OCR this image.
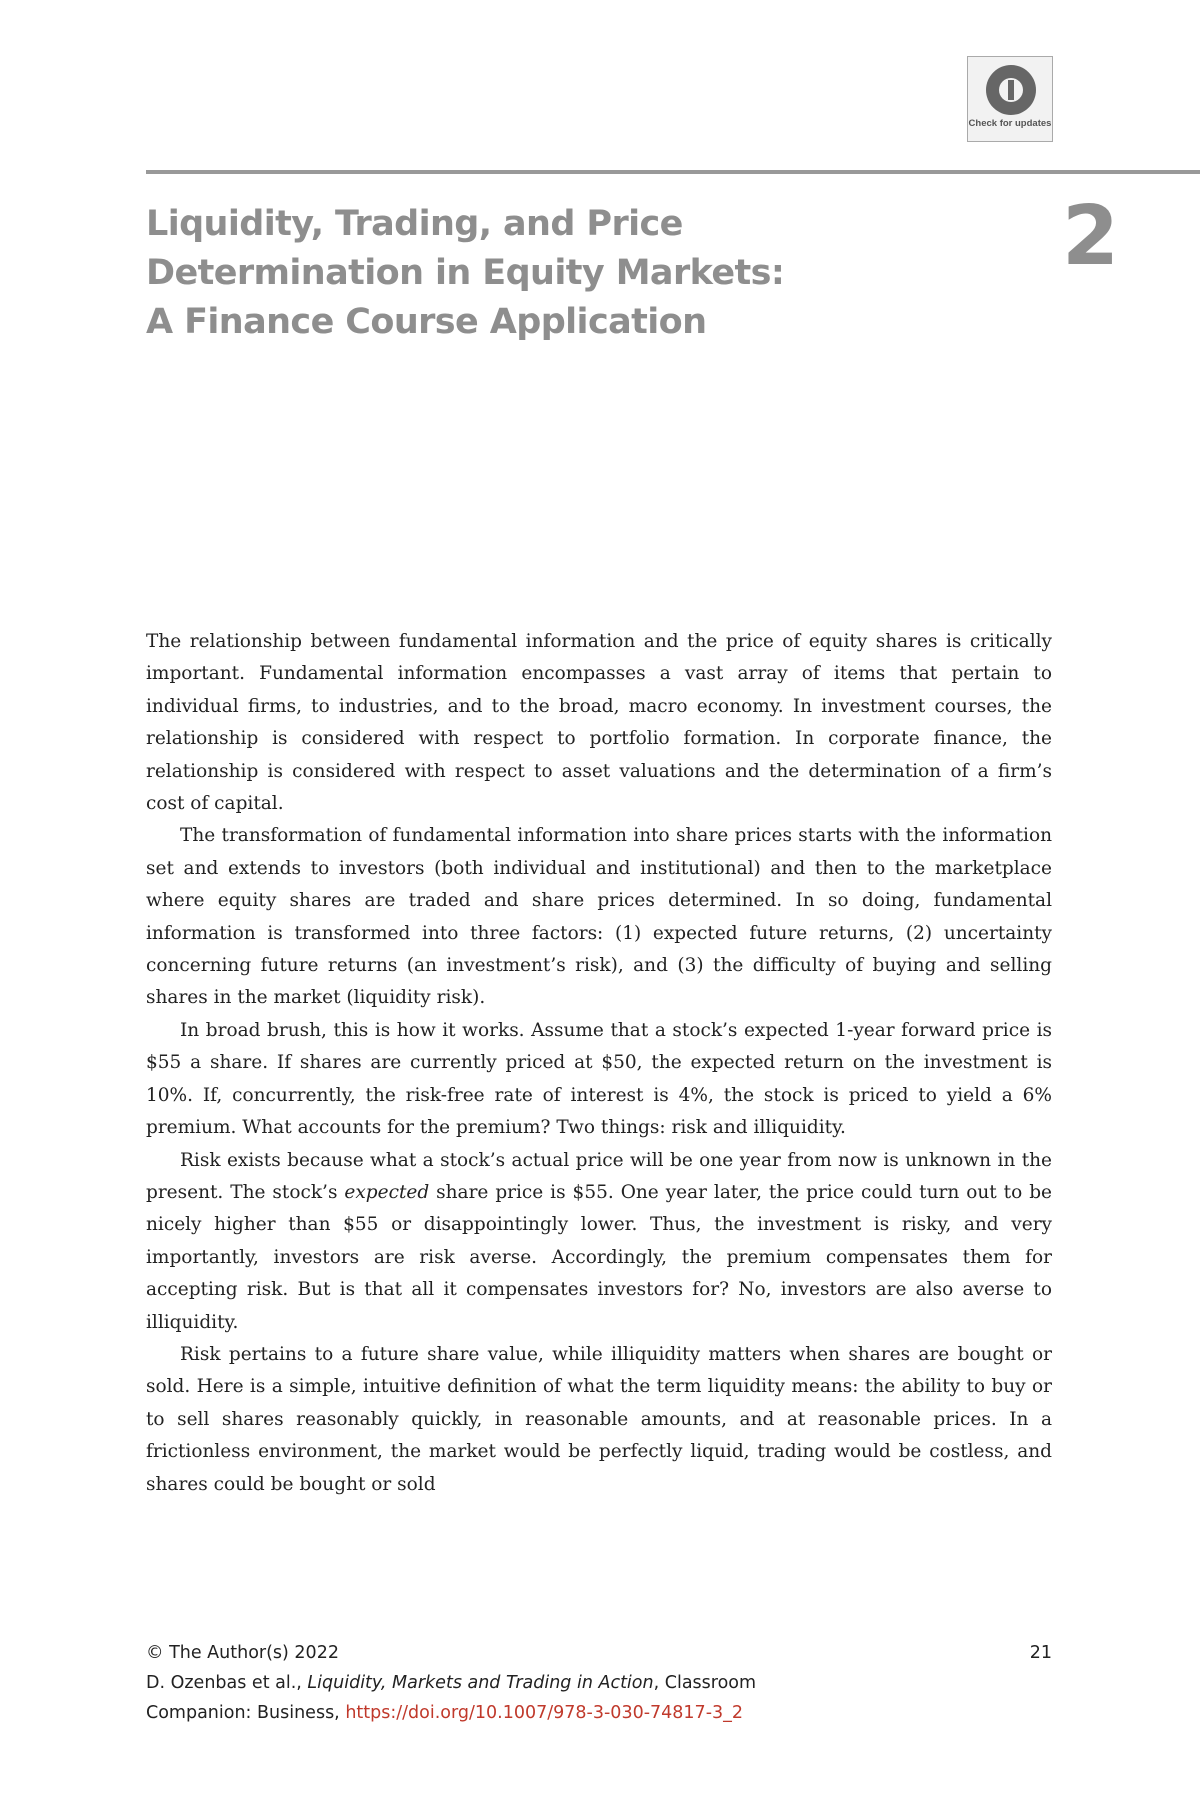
Check for updates
Liquidity, Trading, and Price
Determination in Equity Markets:
A Finance Course Application
2

The relationship between fundamental information and the price of equity shares is critically important. Fundamental information encompasses a vast array of items that pertain to individual firms, to industries, and to the broad, macro economy. In investment courses, the relationship is considered with respect to portfolio formation. In corporate finance, the relationship is considered with respect to asset valuations and the determination of a firm’s cost of capital.

The transformation of fundamental information into share prices starts with the information set and extends to investors (both individual and institutional) and then to the marketplace where equity shares are traded and share prices determined. In so doing, fundamental information is transformed into three factors: (1) expected future returns, (2) uncertainty concerning future returns (an investment’s risk), and (3) the difficulty of buying and selling shares in the market (liquidity risk).

In broad brush, this is how it works. Assume that a stock’s expected 1-year forward price is $55 a share. If shares are currently priced at $50, the expected return on the investment is 10%. If, concurrently, the risk-free rate of interest is 4%, the stock is priced to yield a 6% premium. What accounts for the premium? Two things: risk and illiquidity.

Risk exists because what a stock’s actual price will be one year from now is unknown in the present. The stock’s expected share price is $55. One year later, the price could turn out to be nicely higher than $55 or disappointingly lower. Thus, the investment is risky, and very importantly, investors are risk averse. Accordingly, the premium compensates them for accepting risk. But is that all it compensates investors for? No, investors are also averse to illiquidity.

Risk pertains to a future share value, while illiquidity matters when shares are bought or sold. Here is a simple, intuitive definition of what the term liquidity means: the ability to buy or to sell shares reasonably quickly, in reasonable amounts, and at reasonable prices. In a frictionless environment, the market would be perfectly liquid, trading would be costless, and shares could be bought or sold

© The Author(s) 2022	21
D. Ozenbas et al., Liquidity, Markets and Trading in Action, Classroom
Companion: Business, https://doi.org/10.1007/978-3-030-74817-3_2
